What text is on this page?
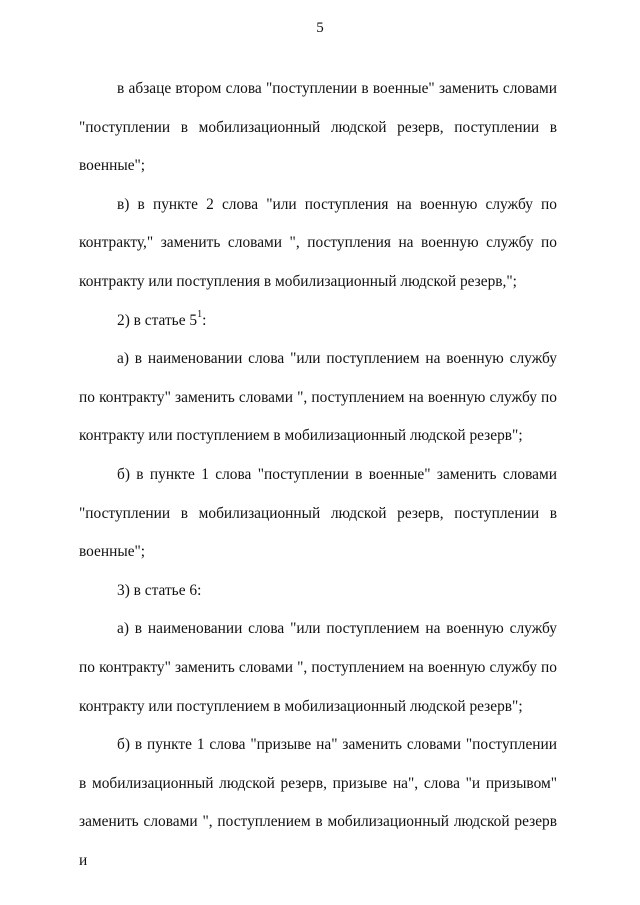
5

в абзаце втором слова "поступлении в военные" заменить словами "поступлении в мобилизационный людской резерв, поступлении в военные";

в) в пункте 2 слова "или поступления на военную службу по контракту," заменить словами ", поступления на военную службу по контракту или поступления в мобилизационный людской резерв,";

2) в статье $5^1$:

а) в наименовании слова "или поступлением на военную службу по контракту" заменить словами ", поступлением на военную службу по контракту или поступлением в мобилизационный людской резерв";

б) в пункте 1 слова "поступлении в военные" заменить словами "поступлении в мобилизационный людской резерв, поступлении в военные";

3) в статье 6:

а) в наименовании слова "или поступлением на военную службу по контракту" заменить словами ", поступлением на военную службу по контракту или поступлением в мобилизационный людской резерв";

б) в пункте 1 слова "призыве на" заменить словами "поступлении в мобилизационный людской резерв, призыве на", слова "и призывом" заменить словами ", поступлением в мобилизационный людской резерв и
